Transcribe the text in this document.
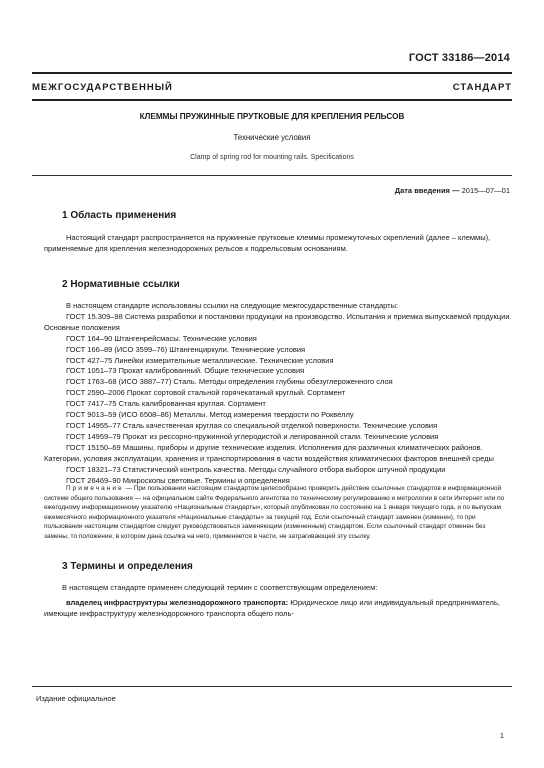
ГОСТ 33186—2014
МЕЖГОСУДАРСТВЕННЫЙ СТАНДАРТ
КЛЕММЫ ПРУЖИННЫЕ ПРУТКОВЫЕ ДЛЯ КРЕПЛЕНИЯ РЕЛЬСОВ
Технические условия
Clamp of spring rod for mounting rails. Specifications
Дата введения — 2015—07—01
1 Область применения
Настоящий стандарт распространяется на пружинные прутковые клеммы промежуточных скреплений (далее – клеммы), применяемые для крепления железнодорожных рельсов к подрельсовым основаниям.
2 Нормативные ссылки
В настоящем стандарте использованы ссылки на следующие межгосударственные стандарты:
ГОСТ 15.309–98 Система разработки и постановки продукции на производство. Испытания и приемка выпускаемой продукции. Основные положения
ГОСТ 164–90 Штангенрейсмасы. Технические условия
ГОСТ 166–89 (ИСО 3599–76) Штангенциркули. Технические условия
ГОСТ 427–75 Линейки измерительные металлические. Технические условия
ГОСТ 1051–73 Прокат калиброванный. Общие технические условия
ГОСТ 1763–68 (ИСО 3887–77) Сталь. Методы определения глубины обезуглероженного слоя
ГОСТ 2590–2006 Прокат сортовой стальной горячекатаный круглый. Сортамент
ГОСТ 7417–75 Сталь калиброванная круглая. Сортамент
ГОСТ 9013–59 (ИСО 6508–86) Металлы. Метод измерения твердости по Роквеллу
ГОСТ 14955–77 Сталь качественная круглая со специальной отделкой поверхности. Технические условия
ГОСТ 14959–79 Прокат из рессорно-пружинной углеродистой и легированной стали. Технические условия
ГОСТ 15150–69 Машины, приборы и другие технические изделия. Исполнения для различных климатических районов. Категории, условия эксплуатации, хранения и транспортирования в части воздействия климатических факторов внешней среды
ГОСТ 18321–73 Статистический контроль качества. Методы случайного отбора выборок штучной продукции
ГОСТ 26469–90 Микроскопы световые. Термины и определения
Примечание — При пользовании настоящим стандартом целесообразно проверить действие ссылочных стандартов в информационной системе общего пользования — на официальном сайте Федерального агентства по техническому регулированию и метрологии в сети Интернет или по ежегодному информационному указателю «Национальные стандарты», который опубликован по состоянию на 1 января текущего года, и по выпускам ежемесячного информационного указателя «Национальные стандарты» за текущий год. Если ссылочный стандарт заменен (изменен), то при пользовании настоящим стандартом следует руководствоваться заменяющим (измененным) стандартом. Если ссылочный стандарт отменен без замены, то положение, в котором дана ссылка на него, применяется в части, не затрагивающей эту ссылку.
3 Термины и определения
В настоящем стандарте применен следующий термин с соответствующим определением:
владелец инфраструктуры железнодорожного транспорта: Юридическое лицо или индивидуальный предприниматель, имеющие инфраструктуру железнодорожного транспорта общего поль-
Издание официальное
1
